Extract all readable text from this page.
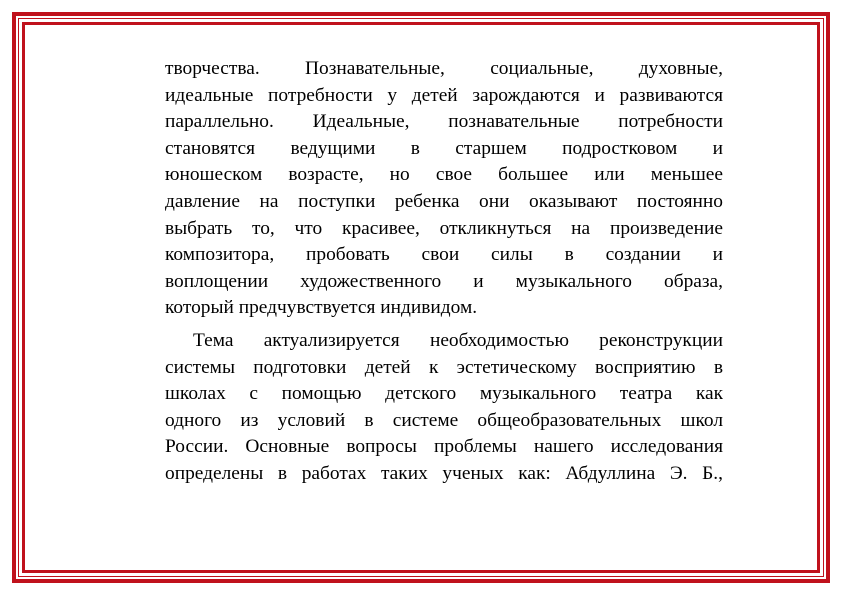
творчества. Познавательные, социальные, духовные,
идеальные потребности у детей зарождаются и развиваются
параллельно. Идеальные, познавательные потребности
становятся ведущими в старшем подростковом и
юношеском возрасте, но свое большее или меньшее
давление на поступки ребенка они оказывают постоянно
выбрать то, что красивее, откликнуться на произведение
композитора, пробовать свои силы в создании и
воплощении художественного и музыкального образа,
который предчувствуется индивидом.

Тема актуализируется необходимостью реконструкции
системы подготовки детей к эстетическому восприятию в
школах с помощью детского музыкального театра как
одного из условий в системе общеобразовательных школ
России. Основные вопросы проблемы нашего исследования
определены в работах таких ученых как: Абдуллина Э. Б.,
